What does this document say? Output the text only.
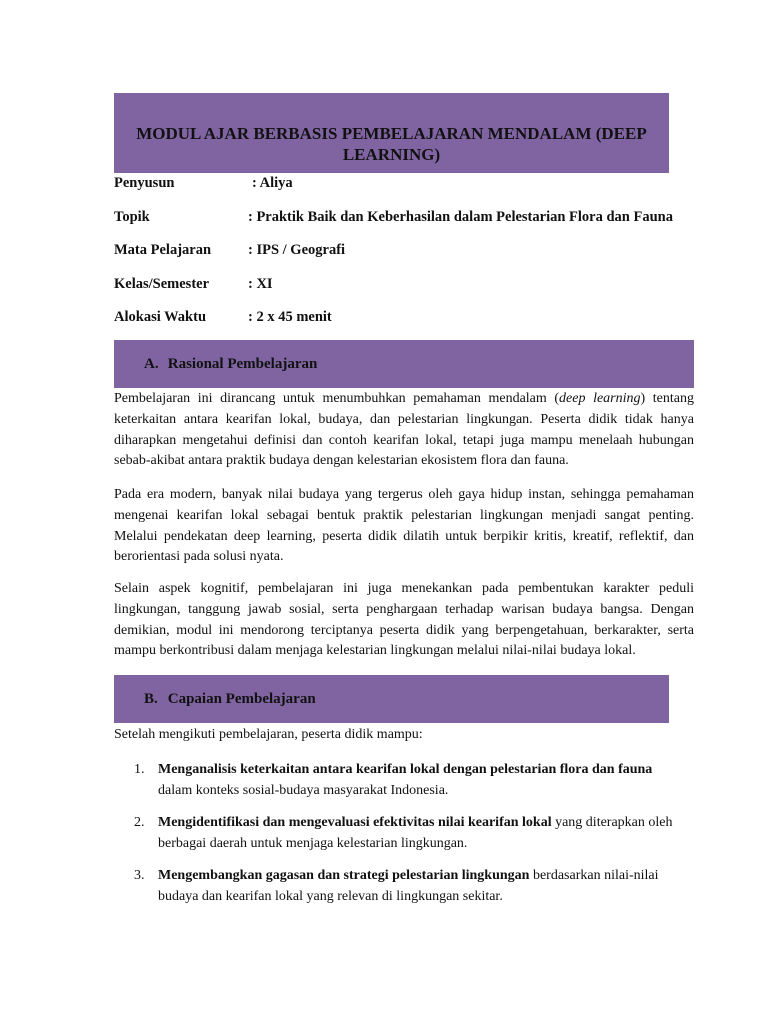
MODUL AJAR BERBASIS PEMBELAJARAN MENDALAM (DEEP LEARNING)
Penyusun	: Aliya
Topik	: Praktik Baik dan Keberhasilan dalam Pelestarian Flora dan Fauna
Mata Pelajaran	: IPS / Geografi
Kelas/Semester	: XI
Alokasi Waktu	: 2 x 45 menit
A. Rasional Pembelajaran

Pembelajaran ini dirancang untuk menumbuhkan pemahaman mendalam (deep learning) tentang keterkaitan antara kearifan lokal, budaya, dan pelestarian lingkungan. Peserta didik tidak hanya diharapkan mengetahui definisi dan contoh kearifan lokal, tetapi juga mampu menelaah hubungan sebab-akibat antara praktik budaya dengan kelestarian ekosistem flora dan fauna.

Pada era modern, banyak nilai budaya yang tergerus oleh gaya hidup instan, sehingga pemahaman mengenai kearifan lokal sebagai bentuk praktik pelestarian lingkungan menjadi sangat penting. Melalui pendekatan deep learning, peserta didik dilatih untuk berpikir kritis, kreatif, reflektif, dan berorientasi pada solusi nyata.

Selain aspek kognitif, pembelajaran ini juga menekankan pada pembentukan karakter peduli lingkungan, tanggung jawab sosial, serta penghargaan terhadap warisan budaya bangsa. Dengan demikian, modul ini mendorong terciptanya peserta didik yang berpengetahuan, berkarakter, serta mampu berkontribusi dalam menjaga kelestarian lingkungan melalui nilai-nilai budaya lokal.

B. Capaian Pembelajaran
Setelah mengikuti pembelajaran, peserta didik mampu:
1. Menganalisis keterkaitan antara kearifan lokal dengan pelestarian flora dan fauna dalam konteks sosial-budaya masyarakat Indonesia.
2. Mengidentifikasi dan mengevaluasi efektivitas nilai kearifan lokal yang diterapkan oleh berbagai daerah untuk menjaga kelestarian lingkungan.
3. Mengembangkan gagasan dan strategi pelestarian lingkungan berdasarkan nilai-nilai budaya dan kearifan lokal yang relevan di lingkungan sekitar.
